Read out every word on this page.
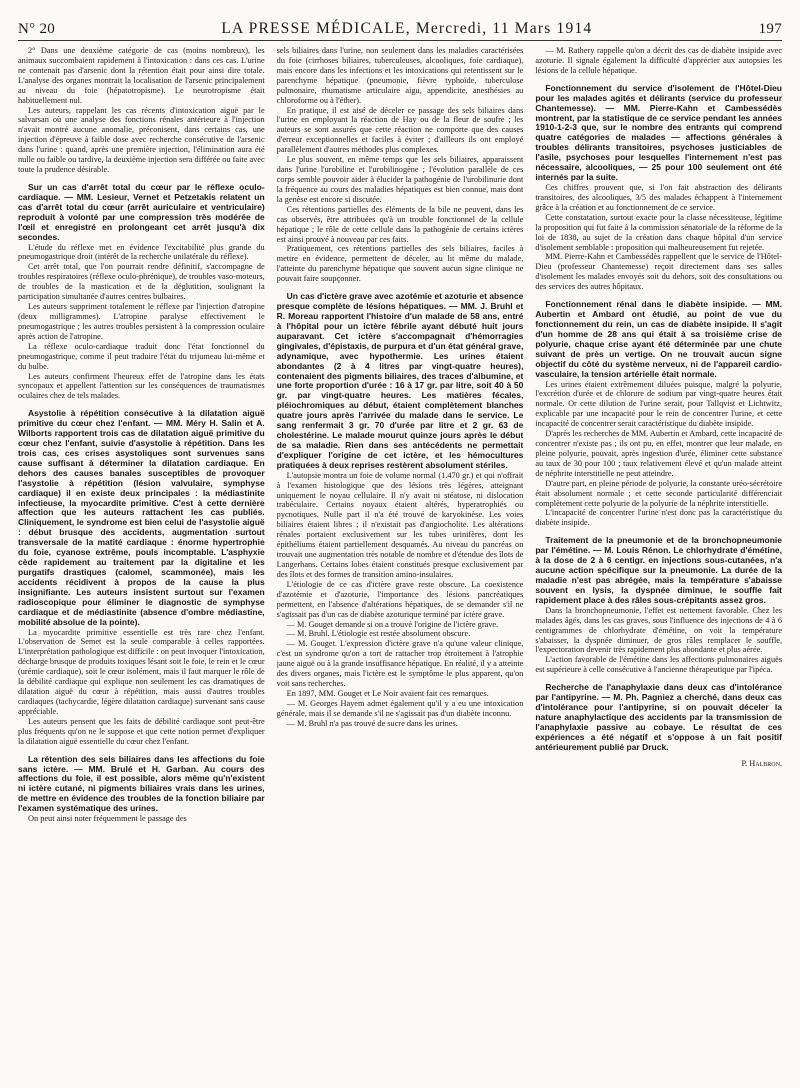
N° 20	LA PRESSE MÉDICALE, Mercredi, 11 Mars 1914	197

2° Dans une deuxième catégorie de cas (moins nombreux), les animaux succombaient rapidement à l'intoxication : dans ces cas. L'urine ne contenait pas d'arsenic dont la rétention était pour ainsi dire totale. L'analyse des organes montrait la localisation de l'arsenic principalement au niveau du foie (hépatotropisme). Le neurotropisme était habituellement nul.

Les auteurs, rappelant les cas récents d'intoxication aiguë par le salvarsan où une analyse des fonctions rénales antérieure à l'injection n'avait montré aucune anomalie, préconisent, dans certains cas, une injection d'épreuve à faible dose avec recherche consécutive de l'arsenic dans l'urine : quand, après une première injection, l'élimination aura été nulle ou faible ou tardive, la deuxième injection sera différée ou faite avec toute la prudence désirable.

Sur un cas d'arrêt total du cœur par le réflexe oculo-cardiaque. — MM. Lesieur, Vernet et Petzetakis relatent un cas d'arrêt total du cœur (arrêt auriculaire et ventriculaire) reproduit à volonté par une compression très modérée de l'œil et enregistré en prolongeant cet arrêt jusqu'à dix secondes.

L'étude du réflexe met en évidence l'excitabilité plus grande du pneumogastrique droit (intérêt de la recherche unilatérale du réflexe).

Cet arrêt total, que l'on pourrait rendre définitif, s'accompagne de troubles respiratoires (réflexe oculo-phrénique), de troubles vaso-moteurs, de troubles de la mastication et de la déglutition, soulignant la participation simultanée d'autres centres bulbaires.

Les auteurs suppriment totalement le réflexe par l'injection d'atropine (deux milligrammes). L'atropine paralyse effectivement le pneumogastrique ; les autres troubles persistent à la compression oculaire après action de l'atropine.

La réflexe oculo-cardiaque traduit donc l'état fonctionnel du pneumogastrique, comme il peut traduire l'état du trijumeau lui-même et du bulbe.

Les auteurs confirment l'heureux effet de l'atropine dans les états syncopaux et appellent l'attention sur les conséquences de traumatismes oculaires chez de tels malades.

Asystolie à répétition consécutive à la dilatation aiguë primitive du cœur chez l'enfant. — MM. Méry H. Salin et A. Wilborts rapportent trois cas de dilatation aiguë primitive du cœur chez l'enfant, suivie d'asystolie à répétition. Dans les trois cas, ces crises asystoliques sont survenues sans cause suffisant à déterminer la dilatation cardiaque. En dehors des causes banales susceptibles de provoquer l'asystolie à répétition (lésion valvulaire, symphyse cardiaque) il en existe deux principales : la médiastinite infectieuse, la myocardite primitive. C'est à cette dernière affection que les auteurs rattachent les cas publiés. Cliniquement, le syndrome est bien celui de l'asystolie aiguë : début brusque des accidents, augmentation surtout transversale de la matité cardiaque : énorme hypertrophie du foie, cyanose extrême, pouls incomptable. L'asphyxie cède rapidement au traitement par la digitaline et les purgatifs drastiques (calomel, scammonée), mais les accidents récidivent à propos de la cause la plus insignifiante. Les auteurs insistent surtout sur l'examen radioscopique pour éliminer le diagnostic de symphyse cardiaque et de médiastinite (absence d'ombre médiastine, mobilité absolue de la pointe).

La myocardite primitive essentielle est très rare chez l'enfant. L'observation de Semet est la seule comparable à celles rapportées. L'interprétation pathologique est difficile : on peut invoquer l'intoxication, décharge brusque de produits toxiques lésant soit le foie, le rein et le cœur (urémie cardiaque), soit le cœur isolément, mais il faut marquer le rôle de la débilité cardiaque qui explique non seulement les cas dramatiques de dilatation aiguë du cœur à répétition, mais aussi d'autres troubles cardiaques (tachycardie, légère dilatation cardiaque) survenant sans cause appréciable.

Les auteurs pensent que les faits de débilité cardiaque sont peut-être plus fréquents qu'on ne le suppose et que cette notion permet d'expliquer la dilatation aiguë essentielle du cœur chez l'enfant.

La rétention des sels biliaires dans les affections du foie sans ictère. — MM. Brulé et H. Garban. Au cours des affections du foie, il est possible, alors même qu'n'existent ni ictère cutané, ni pigments biliaires vrais dans les urines, de mettre en évidence des troubles de la fonction biliaire par l'examen systématique des urines.

On peut ainsi noter fréquemment le passage des

sels biliaires dans l'urine, non seulement dans les maladies caractérisées du foie (cirrhoses biliaires, tuberculeuses, alcooliques, foie cardiaque), mais encore dans les infections et les intoxications qui retentissent sur le parenchyme hépatique (pneumonie, fièvre typhoïde, tuberculose pulmonaire, rhumatisme articulaire aigu, appendicite, anesthésies au chloroforme ou à l'éther).

En pratique, il est aisé de déceler ce passage des sels biliaires dans l'urine en employant la réaction de Hay ou de la fleur de soufre ; les auteurs se sont assurés que cette réaction ne comporte que des causes d'erreur exceptionnelles et faciles à éviter ; d'ailleurs ils ont employé parallèlement d'autres méthodes plus complexes.

Le plus souvent, en même temps que les sels biliaires, apparaissent dans l'urine l'urobiline et l'urobilinogène ; l'évolution parallèle de ces corps semble pouvoir aider à élucider la pathogénie de l'urobilinurie dont la fréquence au cours des maladies hépatiques est bien connue, mais dont la genèse est encore si discutée.

Ces rétentions partielles des éléments de la bile ne peuvent, dans les cas observés, être attribuées qu'à un trouble fonctionnel de la cellule hépatique ; le rôle de cette cellule dans la pathogénie de certains ictères est ainsi prouvé à nouveau par ces faits.

Pratiquement, ces rétentions partielles des sels biliaires, faciles à mettre en évidence, permettent de déceler, au lit même du malade, l'atteinte du parenchyme hépatique que souvent aucun signe clinique ne pouvait faire soupçonner.

Un cas d'ictère grave avec azotémie et azoturie et absence presque complète de lésions hépatiques. — MM. J. Bruhl et R. Moreau rapportent l'histoire d'un malade de 58 ans, entré à l'hôpital pour un ictère fébrile ayant débuté huit jours auparavant. Cet ictère s'accompagnait d'hémorragies gingivales, d'épistaxis, de purpura et d'un état général grave, adynamique, avec hypothermie. Les urines étaient abondantes (2 à 4 litres par vingt-quatre heures), contenaient des pigments biliaires, des traces d'albumine, et une forte proportion d'urée : 16 à 17 gr. par litre, soit 40 à 50 gr. par vingt-quatre heures. Les matières fécales, pléiochromiques au début, étaient complètement blanches quatre jours après l'arrivée du malade dans le service. Le sang renfermait 3 gr. 70 d'urée par litre et 2 gr. 63 de cholestérine. Le malade mourut quinze jours après le début de sa maladie. Rien dans ses antécédents ne permettait d'expliquer l'origine de cet ictère, et les hémocultures pratiquées à deux reprises restèrent absolument stériles.

L'autopsie montra un foie de volume normal (1.470 gr.) et qui n'offrait à l'examen histologique que des lésions très légères, atteignant uniquement le noyau cellulaire. Il n'y avait ni stéatose, ni dislocation trabéculaire. Certains noyaux étaient altérés, hyperatrophiés ou pycnotiques. Nulle part il n'a été trouvé de karyokinèse. Les voies biliaires étaient libres ; il n'existait pas d'angiocholite. Les altérations rénales portaient exclusivement sur les tubes urinifères, dont les épithéliums étaient partiellement desquamés. Au niveau du pancréas on trouvait une augmentation très notable de nombre et d'étendue des îlots de Langerhans. Certains lobes étaient constitués presque exclusivement par des îlots et des formes de transition amino-insulaires.

L'étiologie de ce cas d'ictère grave reste obscure. La coexistence d'azotémie et d'azoturie, l'importance des lésions pancréatiques permettent, en l'absence d'altérations hépatiques, de se demander s'il ne s'agissait pas d'un cas de diabète azoturique terminé par ictère grave.

— M. Gouget demande si on a trouvé l'origine de l'ictère grave.

— M. Bruhl. L'étiologie est restée absolument obscure.

— M. Gouget. L'expression d'ictère grave n'a qu'une valeur clinique, c'est un syndrome qu'on a tort de rattacher trop étroitement à l'atrophie jaune aiguë ou à la grande insuffisance hépatique. En réalité, il y a atteinte des divers organes, mais l'ictère est le symptôme le plus apparent, qu'on voit sans recherches.

En 1897, MM. Gouget et Le Noir avaient fait ces remarques.

— M. Georges Hayem admet également qu'il y a eu une intoxication générale, mais il se demande s'il ne s'agissait pas d'un diabète inconnu.

— M. Bruhl n'a pas trouvé de sucre dans les urines.

— M. Rathery rappelle qu'on a décrit des cas de diabète insipide avec azoturie. Il signale également la difficulté d'apprécier aux autopsies les lésions de la cellule hépatique.

Fonctionnement du service d'isolement de l'Hôtel-Dieu pour les malades agités et délirants (service du professeur Chantemesse). — MM. Pierre-Kahn et Cambessédès montrent, par la statistique de ce service pendant les années 1910-1-2-3 que, sur le nombre des entrants qui comprend quatre catégories de malades — affections générales à troubles délirants transitoires, psychoses justiciables de l'asile, psychoses pour lesquelles l'internement n'est pas nécessaire, alcooliques, — 25 pour 100 seulement ont été internés par la suite.

Ces chiffres prouvent que, si l'on fait abstraction des délirants transitoires, des alcooliques, 3/5 des malades échappent à l'internement grâce à la création et au fonctionnement de ce service.

Cette constatation, surtout exacte pour la classe nécessiteuse, légitime la proposition qui fut faite à la commission sénatoriale de la réforme de la loi de 1838, au sujet de la création dans chaque hôpital d'un service d'isolement semblable : proposition qui malheureusement fut rejetée.

MM. Pierre-Kahn et Cambessédès rappellent que le service de l'Hôtel-Dieu (professeur Chantemesse) reçoit directement dans ses salles d'isolement les malades envoyés soit du dehors, soit des consultations ou des services des autres hôpitaux.

Fonctionnement rénal dans le diabète insipide. — MM. Aubertin et Ambard ont étudié, au point de vue du fonctionnement du rein, un cas de diabète insipide. Il s'agit d'un homme de 28 ans qui était à sa troisième crise de polyurie, chaque crise ayant été déterminée par une chute suivant de près un vertige. On ne trouvait aucun signe objectif du côté du système nerveux, ni de l'appareil cardio-vasculaire, la tension artérielle était normale.

Les urines étaient extrêmement diluées puisque, malgré la polyurie, l'excrétion d'urée et de chlorure de sodium par vingt-quatre heures était normale. Or cette dilution de l'urine serait, pour Tallqvist et Lichtwitz, explicable par une incapacité pour le rein de concentrer l'urine, et cette incapacité de concentrer serait caractéristique du diabète insipide.

D'après les recherches de MM. Aubertin et Ambard, cette incapacité de concentrer n'existe pas ; ils ont pu, en effet, montrer que leur malade, en pleine polyurie, pouvait, après ingestion d'urée, éliminer cette substance au taux de 30 pour 100 ; taux relativement élevé et qu'un malade atteint de néphrite interstitielle ne peut atteindre.

D'autre part, en pleine période de polyurie, la constante uréo-sécrétoire était absolument normale ; et cette seconde particularité différenciait complètement cette polyurie de la polyurie de la néphrite interstitielle.

L'incapacité de concentrer l'urine n'est donc pas la caractéristique du diabète insipide.

Traitement de la pneumonie et de la bronchopneumonie par l'émétine. — M. Louis Rénon. Le chlorhydrate d'émétine, à la dose de 2 à 6 centigr. en injections sous-cutanées, n'a aucune action spécifique sur la pneumonie. La durée de la maladie n'est pas abrégée, mais la température s'abaisse souvent en lysis, la dyspnée diminue, le souffle fait rapidement place à des râles sous-crépitants assez gros.

Dans la bronchopneumonie, l'effet est nettement favorable. Chez les malades âgés, dans les cas graves, sous l'influence des injections de 4 à 6 centigrammes de chlorhydrate d'émétine, on voit la température s'abaisser, la dyspnée diminuer, de gros râles remplacer le souffle, l'expectoration devenir très rapidement plus abondante et plus aérée.

L'action favorable de l'émétine dans les affections pulmonaires aiguës est supérieure à celle consécutive à l'ancienne thérapeutique par l'ipéca.

Recherche de l'anaphylaxie dans deux cas d'intolérance par l'antipyrine. — M. Ph. Pagniez a cherché, dans deux cas d'intolérance pour l'antipyrine, si on pouvait déceler la nature anaphylactique des accidents par la transmission de l'anaphylaxie passive au cobaye. Le résultat de ces expériences a été négatif et s'oppose à un fait positif antérieurement publié par Druck.

P. Halbron.
